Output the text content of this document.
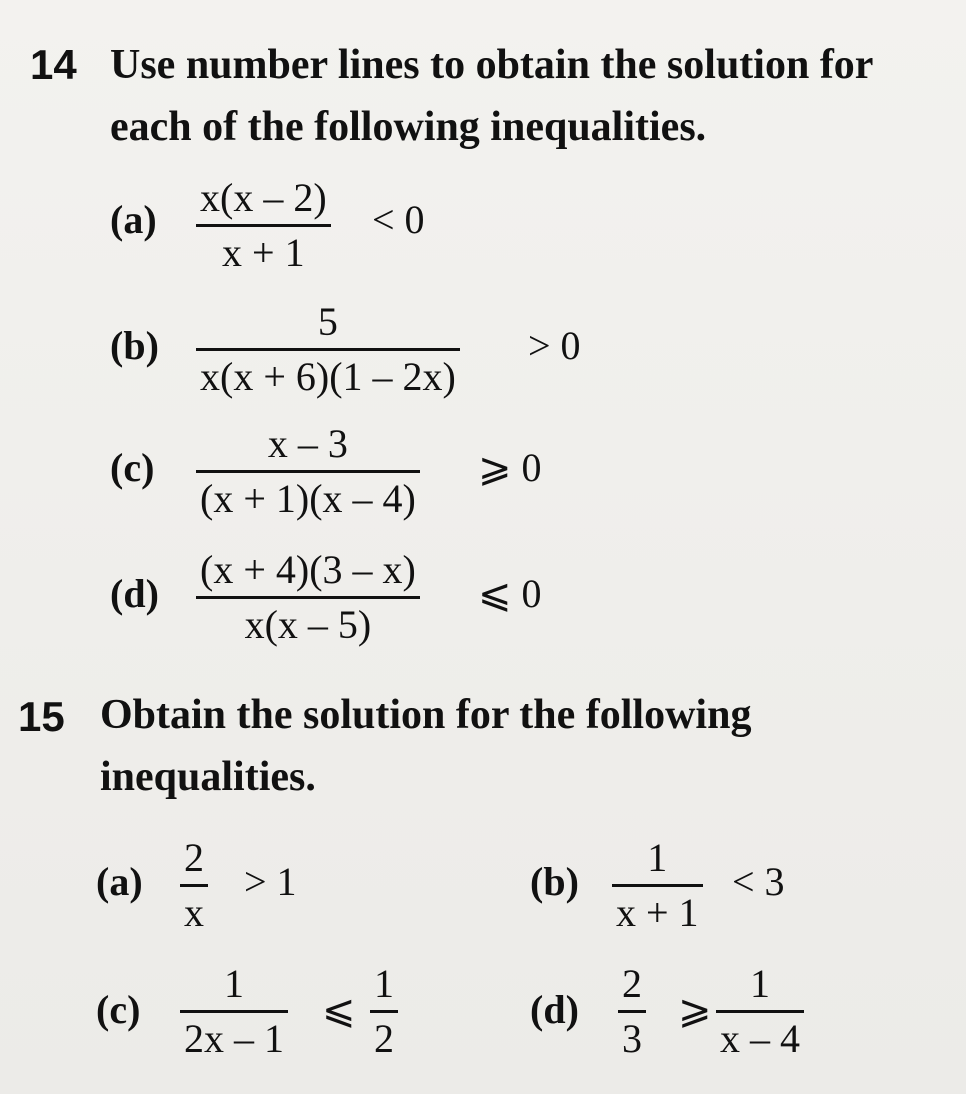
14 Use number lines to obtain the solution for
each of the following inequalities.
(a) x(x – 2)
x + 1
< 0
(b)
5
x(x + 6)(1 – 2x)
> 0
(c)
x – 3
(x + 1)(x – 4)
⩾ 0
(d)
(x + 4)(3 – x)
x(x – 5)
⩽ 0
15 Obtain the solution for the following
inequalities.
(a)
2
x
> 1	(b)
1
x + 1
< 3
(c)
1
2x – 1
⩽
1
2
(d)
2
3
⩾
1
x – 4
